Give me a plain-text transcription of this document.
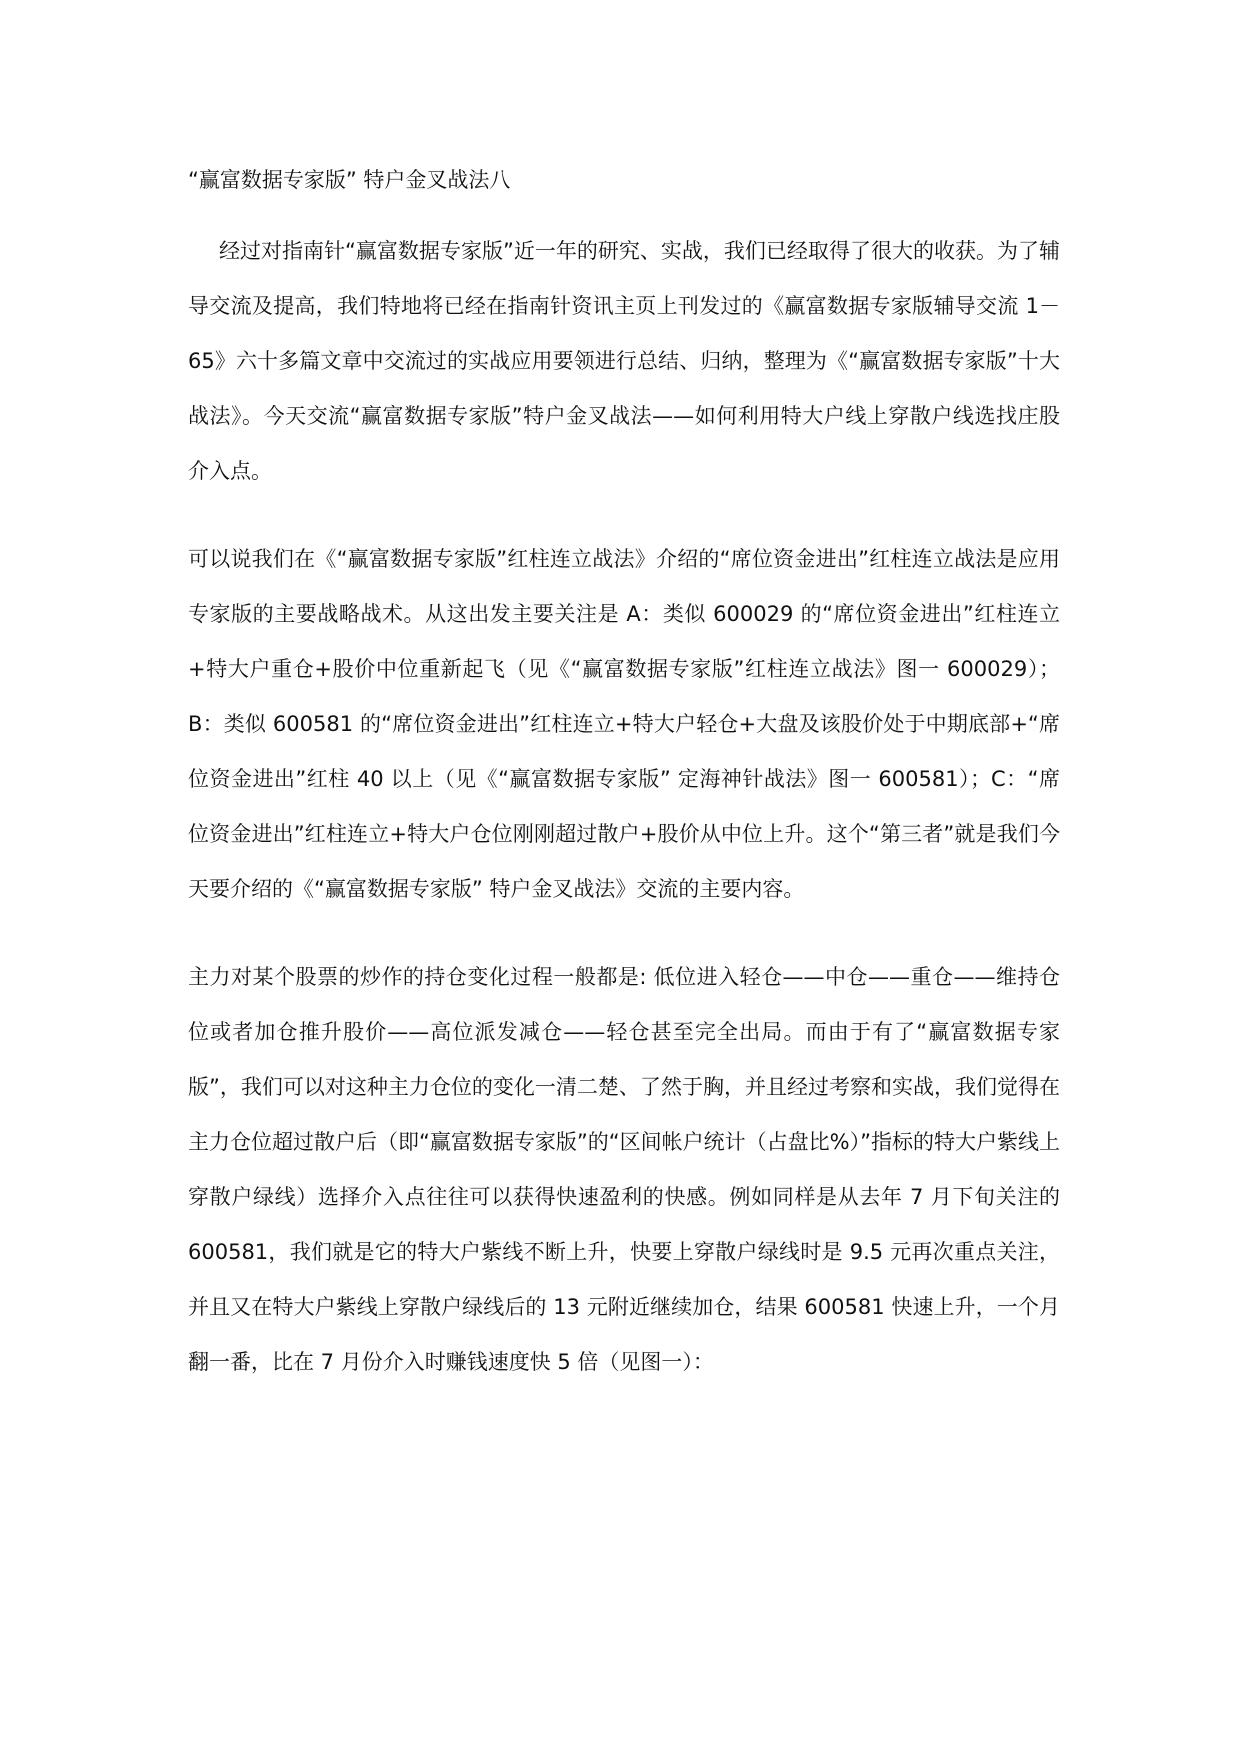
“赢富数据专家版” 特户金叉战法八

经过对指南针“赢富数据专家版”近一年的研究、实战，我们已经取得了很大的收获。为了辅导交流及提高，我们特地将已经在指南针资讯主页上刊发过的《赢富数据专家版辅导交流 1－65》六十多篇文章中交流过的实战应用要领进行总结、归纳，整理为《“赢富数据专家版”十大战法》。今天交流“赢富数据专家版”特户金叉战法——如何利用特大户线上穿散户线选找庄股介入点。

可以说我们在《“赢富数据专家版”红柱连立战法》介绍的“席位资金进出”红柱连立战法是应用专家版的主要战略战术。从这出发主要关注是 A：类似 600029 的“席位资金进出”红柱连立+特大户重仓+股价中位重新起飞（见《“赢富数据专家版”红柱连立战法》图一 600029）；B：类似 600581 的“席位资金进出”红柱连立+特大户轻仓+大盘及该股价处于中期底部+“席位资金进出”红柱 40 以上（见《“赢富数据专家版” 定海神针战法》图一 600581）；C：“席位资金进出”红柱连立+特大户仓位刚刚超过散户+股价从中位上升。这个“第三者”就是我们今天要介绍的《“赢富数据专家版” 特户金叉战法》交流的主要内容。

主力对某个股票的炒作的持仓变化过程一般都是: 低位进入轻仓——中仓——重仓——维持仓位或者加仓推升股价——高位派发减仓——轻仓甚至完全出局。而由于有了“赢富数据专家版”，我们可以对这种主力仓位的变化一清二楚、了然于胸，并且经过考察和实战，我们觉得在主力仓位超过散户后（即“赢富数据专家版”的“区间帐户统计（占盘比%）”指标的特大户紫线上穿散户绿线）选择介入点往往可以获得快速盈利的快感。例如同样是从去年 7 月下旬关注的 600581，我们就是它的特大户紫线不断上升，快要上穿散户绿线时是 9.5 元再次重点关注，并且又在特大户紫线上穿散户绿线后的 13 元附近继续加仓，结果 600581 快速上升，一个月翻一番，比在 7 月份介入时赚钱速度快 5 倍（见图一）：
